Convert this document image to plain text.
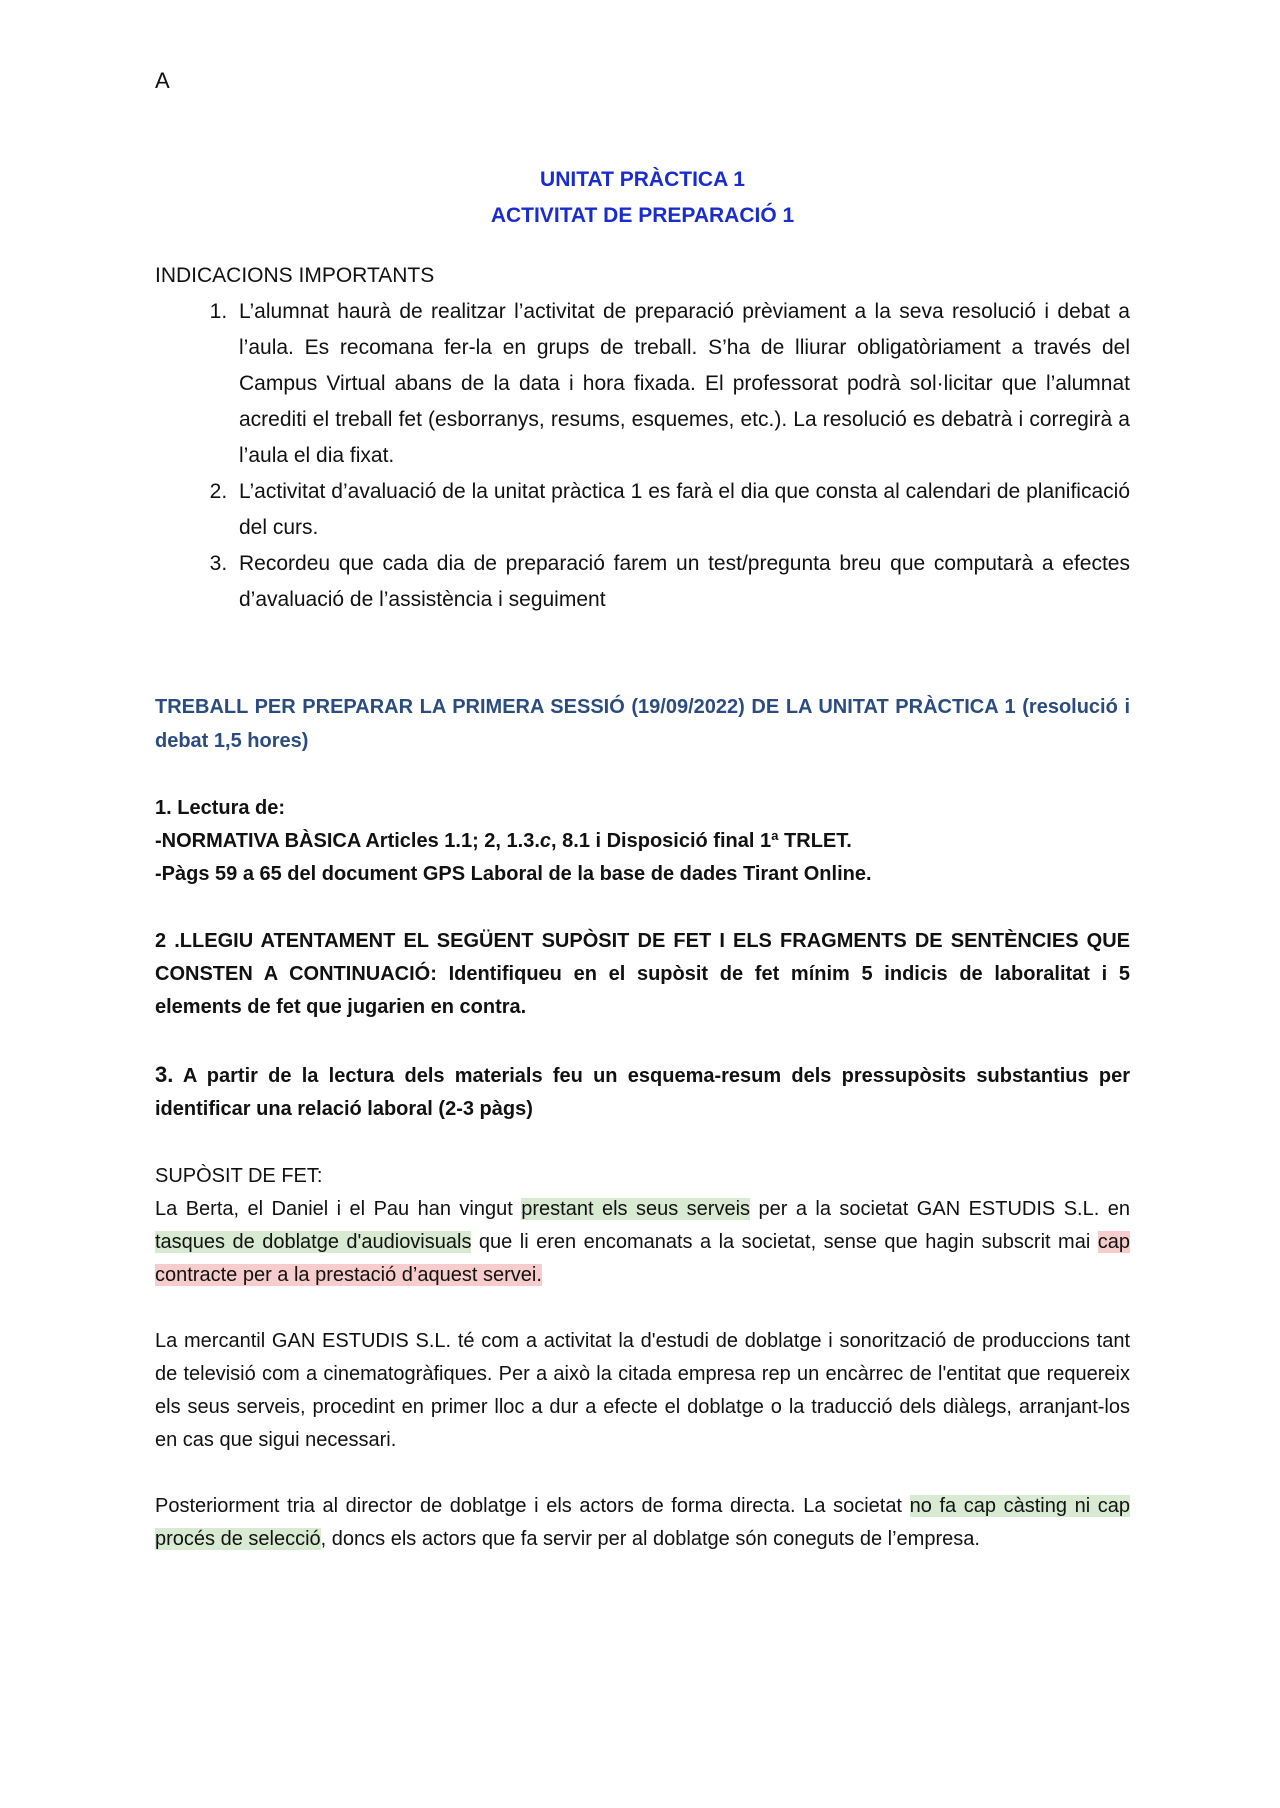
A

UNITAT PRÀCTICA 1

ACTIVITAT DE PREPARACIÓ 1

INDICACIONS IMPORTANTS

1. L’alumnat haurà de realitzar l’activitat de preparació prèviament a la seva resolució i debat a l’aula. Es recomana fer-la en grups de treball. S’ha de lliurar obligatòriament a través del Campus Virtual abans de la data i hora fixada. El professorat podrà sol·licitar que l’alumnat acrediti el treball fet (esborranys, resums, esquemes, etc.). La resolució es debatrà i corregirà a l’aula el dia fixat.
2. L’activitat d’avaluació de la unitat pràctica 1 es farà el dia que consta al calendari de planificació del curs.
3. Recordeu que cada dia de preparació farem un test/pregunta breu que computarà a efectes d’avaluació de l’assistència i seguiment

TREBALL PER PREPARAR LA PRIMERA SESSIÓ (19/09/2022) DE LA UNITAT PRÀCTICA 1 (resolució i debat 1,5 hores)

1. Lectura de:

-NORMATIVA BÀSICA Articles 1.1; 2, 1.3.c, 8.1 i Disposició final 1ª TRLET.

-Pàgs 59 a 65 del document GPS Laboral de la base de dades Tirant Online.

2 .LLEGIU ATENTAMENT EL SEGÜENT SUPÒSIT DE FET I ELS FRAGMENTS DE SENTÈNCIES QUE CONSTEN A CONTINUACIÓ: Identifiqueu en el supòsit de fet mínim 5 indicis de laboralitat i 5 elements de fet que jugarien en contra.

3. A partir de la lectura dels materials feu un esquema-resum dels pressupòsits substantius per identificar una relació laboral (2-3 pàgs)

SUPÒSIT DE FET:

La Berta, el Daniel i el Pau han vingut prestant els seus serveis per a la societat GAN ESTUDIS S.L. en tasques de doblatge d'audiovisuals que li eren encomanats a la societat, sense que hagin subscrit mai cap contracte per a la prestació d’aquest servei.

La mercantil GAN ESTUDIS S.L. té com a activitat la d'estudi de doblatge i sonorització de produccions tant de televisió com a cinematogràfiques. Per a això la citada empresa rep un encàrrec de l'entitat que requereix els seus serveis, procedint en primer lloc a dur a efecte el doblatge o la traducció dels diàlegs, arranjant-los en cas que sigui necessari.

Posteriorment tria al director de doblatge i els actors de forma directa. La societat no fa cap càsting ni cap procés de selecció, doncs els actors que fa servir per al doblatge són coneguts de l’empresa.
